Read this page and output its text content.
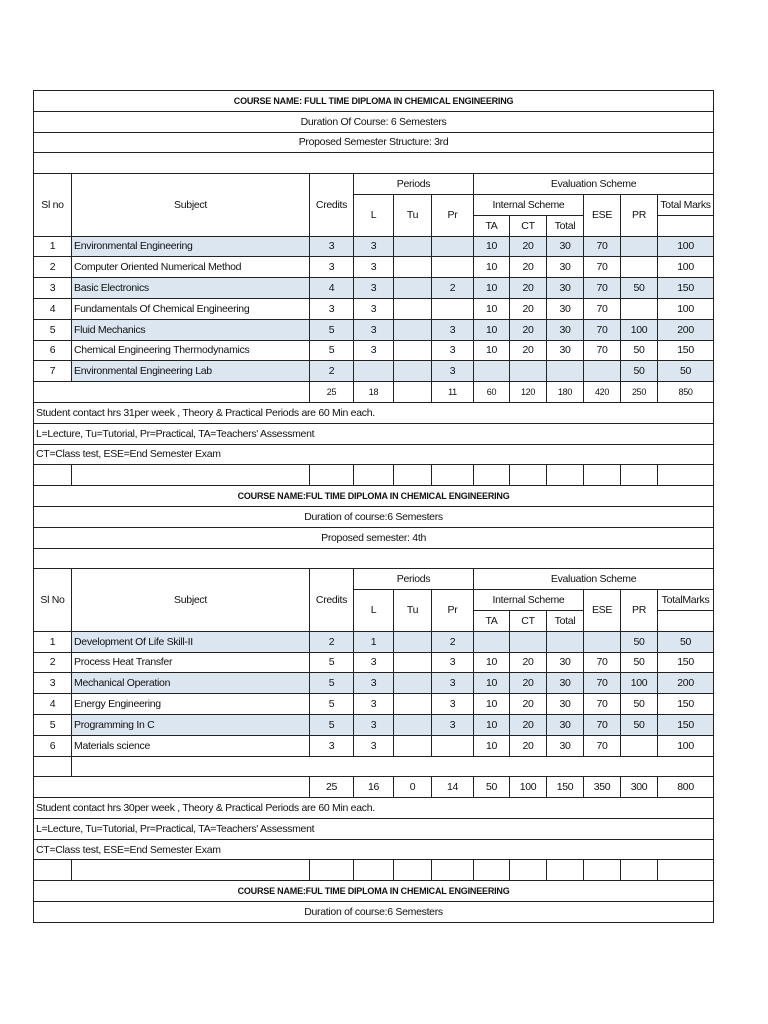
COURSE NAME: FULL TIME DIPLOMA IN CHEMICAL ENGINEERING											
Duration Of Course: 6 Semesters											
Proposed Semester Structure: 3rd											

Sl no	Subject	Credits	Periods			Evaluation Scheme					
			L	Tu	Pr	Internal Scheme			ESE	PR	Total Marks
						TA	CT	Total			
1	Environmental Engineering	3	3			10	20	30	70		100
2	Computer Oriented Numerical Method	3	3			10	20	30	70		100
3	Basic Electronics	4	3		2	10	20	30	70	50	150
4	Fundamentals Of Chemical Engineering	3	3			10	20	30	70		100
5	Fluid Mechanics	5	3		3	10	20	30	70	100	200
6	Chemical Engineering Thermodynamics	5	3		3	10	20	30	70	50	150
7	Environmental Engineering Lab	2			3					50	50
		25	18		11	60	120	180	420	250	850
Student contact hrs 31per week , Theory & Practical Periods are 60 Min each.											
L=Lecture, Tu=Tutorial, Pr=Practical, TA=Teachers' Assessment											
CT=Class test, ESE=End Semester Exam											

COURSE NAME:FUL TIME DIPLOMA IN CHEMICAL ENGINEERING											
Duration of course:6 Semesters											
Proposed semester: 4th											

Sl No	Subject	Credits	Periods			Evaluation Scheme					
			L	Tu	Pr	Internal Scheme			ESE	PR	TotalMarks
						TA	CT	Total			
1	Development Of Life Skill-II	2	1		2					50	50
2	Process Heat Transfer	5	3		3	10	20	30	70	50	150
3	Mechanical Operation	5	3		3	10	20	30	70	100	200
4	Energy Engineering	5	3		3	10	20	30	70	50	150
5	Programming In C	5	3		3	10	20	30	70	50	150
6	Materials science	3	3			10	20	30	70		100

		25	16	0	14	50	100	150	350	300	800
Student contact hrs 30per week , Theory & Practical Periods are 60 Min each.											
L=Lecture, Tu=Tutorial, Pr=Practical, TA=Teachers' Assessment											
CT=Class test, ESE=End Semester Exam											

COURSE NAME:FUL TIME DIPLOMA IN CHEMICAL ENGINEERING											
Duration of course:6 Semesters											
